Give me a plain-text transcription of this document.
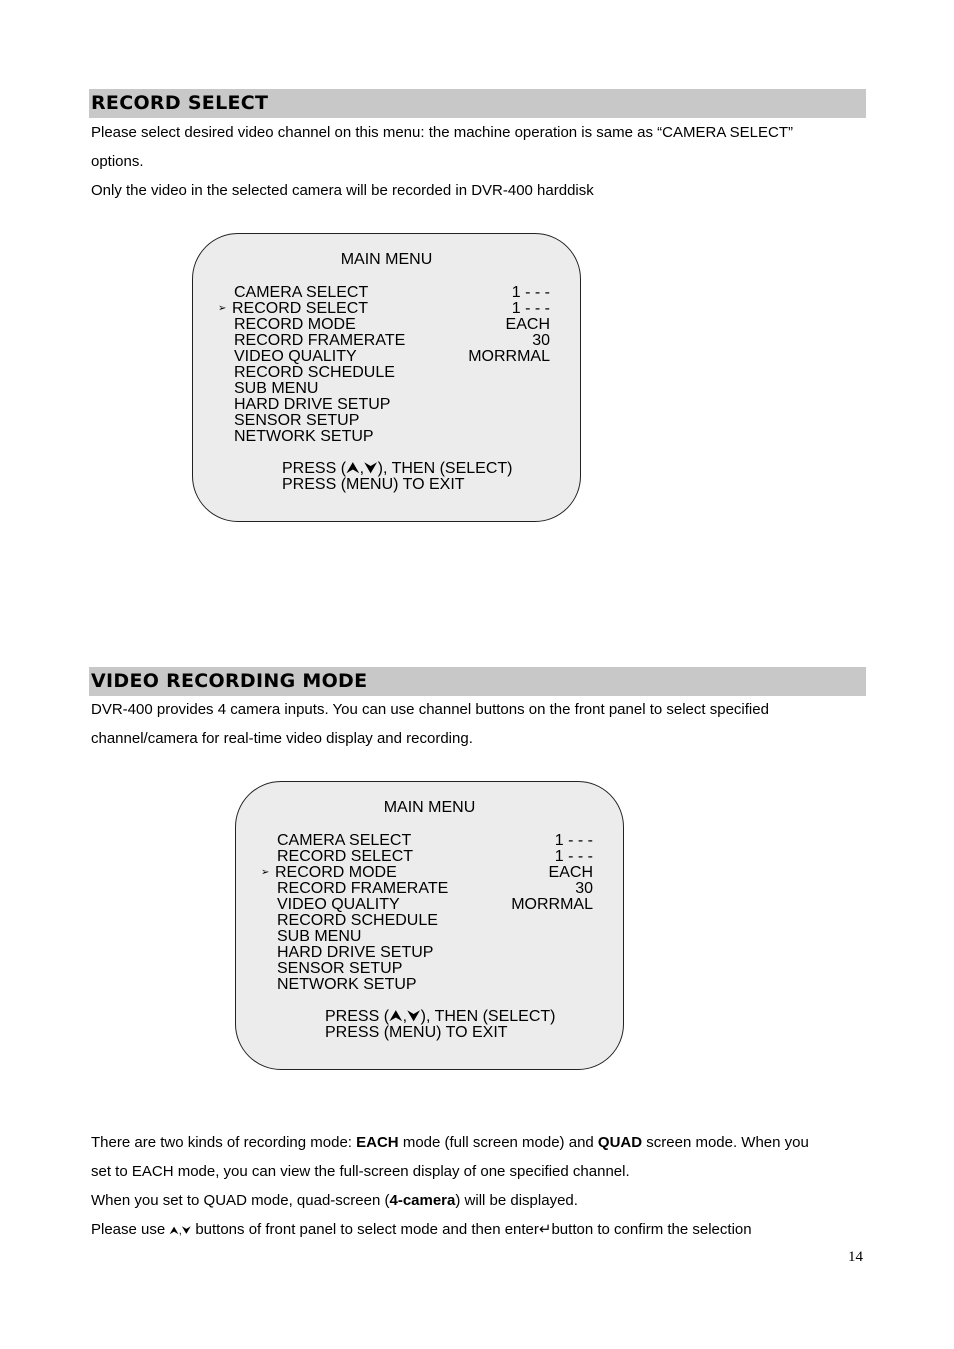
RECORD SELECT
Please select desired video channel on this menu: the machine operation is same as “CAMERA SELECT”
options.
Only the video in the selected camera will be recorded in DVR-400 harddisk
MAIN MENU
CAMERA SELECT	1 - - -
➢ RECORD SELECT	1 - - -
RECORD MODE	EACH
RECORD FRAMERATE	30
VIDEO QUALITY	MORRMAL
RECORD SCHEDULE
SUB MENU
HARD DRIVE SETUP
SENSOR SETUP
NETWORK SETUP
PRESS (⮝,⮟), THEN (SELECT)
PRESS (MENU) TO EXIT
VIDEO RECORDING MODE
DVR-400 provides 4 camera inputs. You can use channel buttons on the front panel to select specified
channel/camera for real-time video display and recording.
MAIN MENU
CAMERA SELECT	1 - - -
RECORD SELECT	1 - - -
➢ RECORD MODE	EACH
RECORD FRAMERATE	30
VIDEO QUALITY	MORRMAL
RECORD SCHEDULE
SUB MENU
HARD DRIVE SETUP
SENSOR SETUP
NETWORK SETUP
PRESS (⮝,⮟), THEN (SELECT)
PRESS (MENU) TO EXIT
There are two kinds of recording mode: EACH mode (full screen mode) and QUAD screen mode. When you
set to EACH mode, you can view the full-screen display of one specified channel.
When you set to QUAD mode, quad-screen (4-camera) will be displayed.
Please use ⮝,⮟ buttons of front panel to select mode and then enter↵button to confirm the selection
14
